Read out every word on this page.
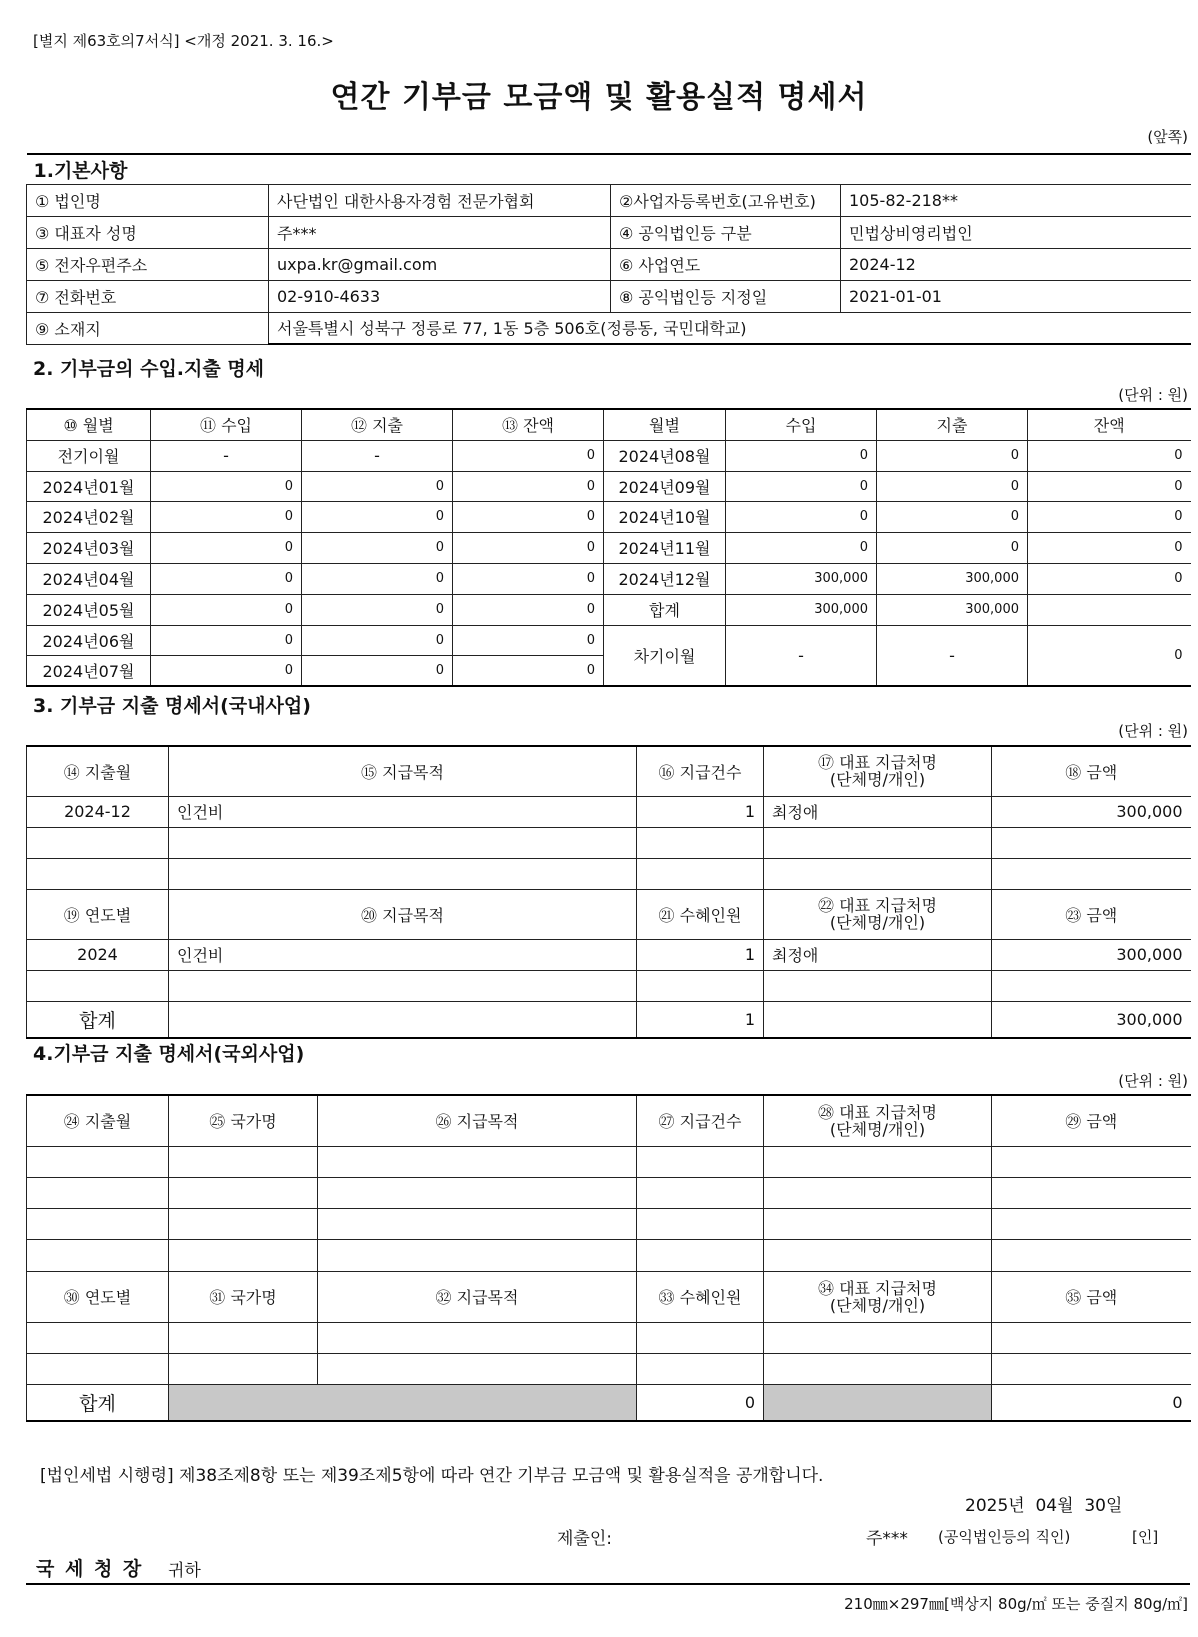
[별지 제63호의7서식] <개정 2021. 3. 16.>
연간 기부금 모금액 및 활용실적 명세서
(앞쪽)
1.기본사항			
① 법인명	사단법인 대한사용자경험 전문가협회	②사업자등록번호(고유번호)	105-82-218**
③ 대표자 성명	주***	④ 공익법인등 구분	민법상비영리법인
⑤ 전자우편주소	uxpa.kr@gmail.com	⑥ 사업연도	2024-12
⑦ 전화번호	02-910-4633	⑧ 공익법인등 지정일	2021-01-01
⑨ 소재지	서울특별시 성북구 정릉로 77, 1동 5층 506호(정릉동, 국민대학교)		
2. 기부금의 수입.지출 명세
(단위 : 원)
⑩ 월별	⑪ 수입	⑫ 지출	⑬ 잔액	월별	수입	지출	잔액
전기이월	-	-	0	2024년08월	0	0	0
2024년01월	0	0	0	2024년09월	0	0	0
2024년02월	0	0	0	2024년10월	0	0	0
2024년03월	0	0	0	2024년11월	0	0	0
2024년04월	0	0	0	2024년12월	300,000	300,000	0
2024년05월	0	0	0	합계	300,000	300,000	
2024년06월	0	0	0	차기이월	-	-	0
2024년07월	0	0	0				
3. 기부금 지출 명세서(국내사업)
(단위 : 원)
⑭ 지출월	⑮ 지급목적	⑯ 지급건수	⑰ 대표 지급처명
(단체명/개인)	⑱ 금액
2024-12	인건비	1	최정애	300,000

⑲ 연도별	⑳ 지급목적	㉑ 수혜인원	㉒ 대표 지급처명
(단체명/개인)	㉓ 금액
2024	인건비	1	최정애	300,000

합계		1		300,000
4.기부금 지출 명세서(국외사업)
(단위 : 원)
㉔ 지출월	㉕ 국가명	㉖ 지급목적	㉗ 지급건수	㉘ 대표 지급처명
(단체명/개인)	㉙ 금액

㉚ 연도별	㉛ 국가명	㉜ 지급목적	㉝ 수혜인원	㉞ 대표 지급처명
(단체명/개인)	㉟ 금액

합계			0		0
[법인세법 시행령] 제38조제8항 또는 제39조제5항에 따라 연간 기부금 모금액 및 활용실적을 공개합니다.
2025년  04월  30일
제출인:	주*** (공익법인등의 직인)	[인]
국 세 청 장 귀하
210㎜×297㎜[백상지 80g/㎡ 또는 중질지 80g/㎡]
